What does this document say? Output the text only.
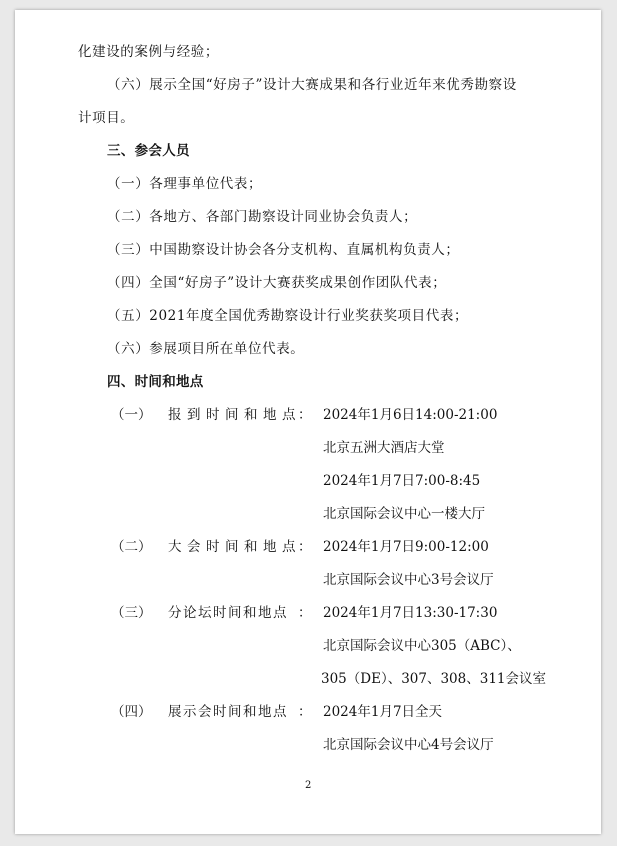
化建设的案例与经验；
（六）展示全国“好房子”设计大赛成果和各行业近年来优秀勘察设
计项目。
三、参会人员
（一）各理事单位代表；
（二）各地方、各部门勘察设计同业协会负责人；
（三）中国勘察设计协会各分支机构、直属机构负责人；
（四）全国“好房子”设计大赛获奖成果创作团队代表；
（五）2021年度全国优秀勘察设计行业奖获奖项目代表；
（六）参展项目所在单位代表。
四、时间和地点
（一） 报到时间和地点
： 2024年1月6日14:00-21:00
北京五洲大酒店大堂
2024年1月7日7:00-8:45
北京国际会议中心一楼大厅
（二） 大会时间和地点
： 2024年1月7日9:00-12:00
北京国际会议中心3号会议厅
（三） 分论坛时间和地点 ： 2024年1月7日13:30-17:30
北京国际会议中心305（ABC）、
305（DE）、307、308、311会议室
（四） 展示会时间和地点 ： 2024年1月7日全天
北京国际会议中心4号会议厅
2
